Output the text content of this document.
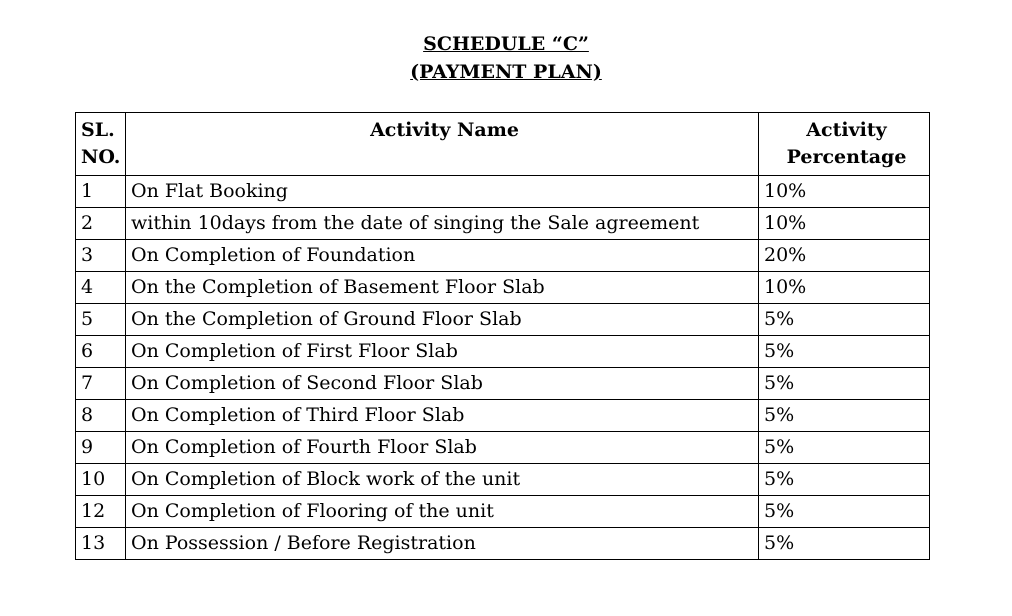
SCHEDULE “C”
(PAYMENT PLAN)
SL. NO.	Activity Name	Activity Percentage
1	On Flat Booking	10%
2	within 10days from the date of singing the Sale agreement	10%
3	On Completion of Foundation	20%
4	On the Completion of Basement Floor Slab	10%
5	On the Completion of Ground Floor Slab	5%
6	On Completion of First Floor Slab	5%
7	On Completion of Second Floor Slab	5%
8	On Completion of Third Floor Slab	5%
9	On Completion of Fourth Floor Slab	5%
10	On Completion of Block work of the unit	5%
12	On Completion of Flooring of the unit	5%
13	On Possession / Before Registration	5%
